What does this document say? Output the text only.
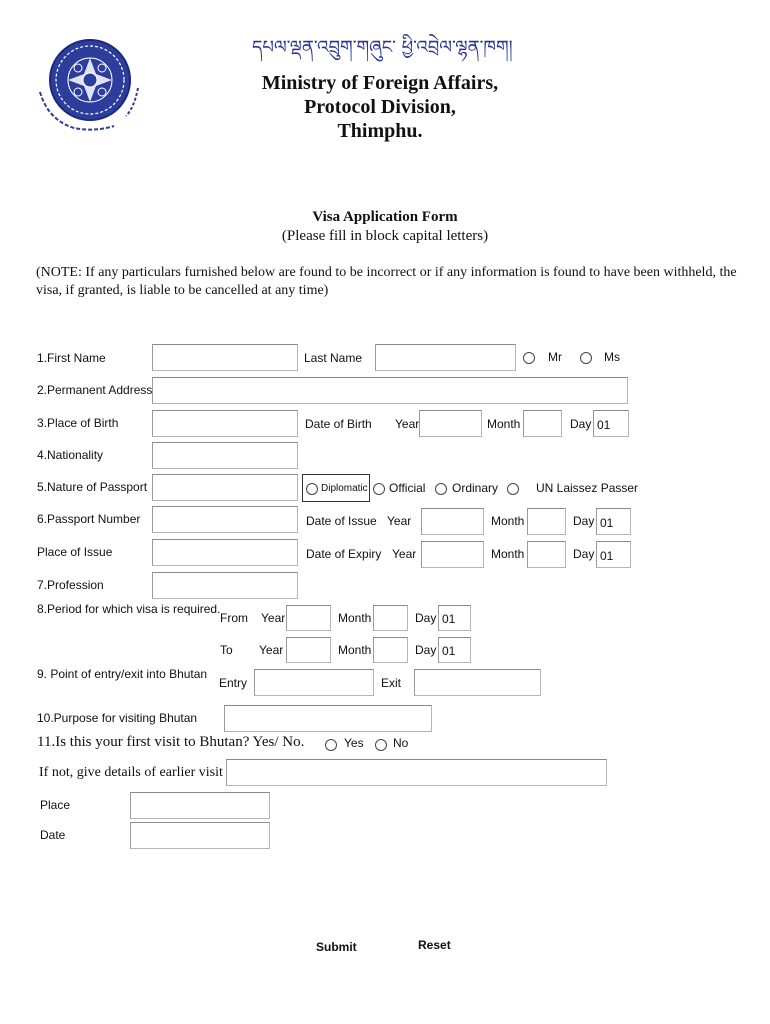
དཔལ་ལྡན་འབྲུག་གཞུང་ ཕྱི་འབྲེལ་ལྷན་ཁག།
Ministry of Foreign Affairs,
Protocol Division,
Thimphu.
Visa Application Form
(Please fill in block capital letters)
(NOTE: If any particulars furnished below are found to be incorrect or if any information is found to have been withheld, the visa, if granted, is liable to be cancelled at any time)
1.First Name	Last Name	Mr	Ms
2.Permanent Address
3.Place of Birth	Date of Birth Year	Month	Day 01
4.Nationality
5.Nature of Passport	Diplomatic Official Ordinary	UN Laissez Passer
6.Passport Number	Date of Issue Year	Month	Day 01
Place of Issue	Date of Expiry Year	Month	Day 01
7.Profession
8.Period for which visa is required.
From Year	Month	Day 01
To Year	Month	Day 01
9. Point of entry/exit into Bhutan
Entry	Exit
10.Purpose for visiting Bhutan
11.Is this your first visit to Bhutan? Yes/ No.	Yes No
If not, give details of earlier visit
Place
Date
Submit	Reset
